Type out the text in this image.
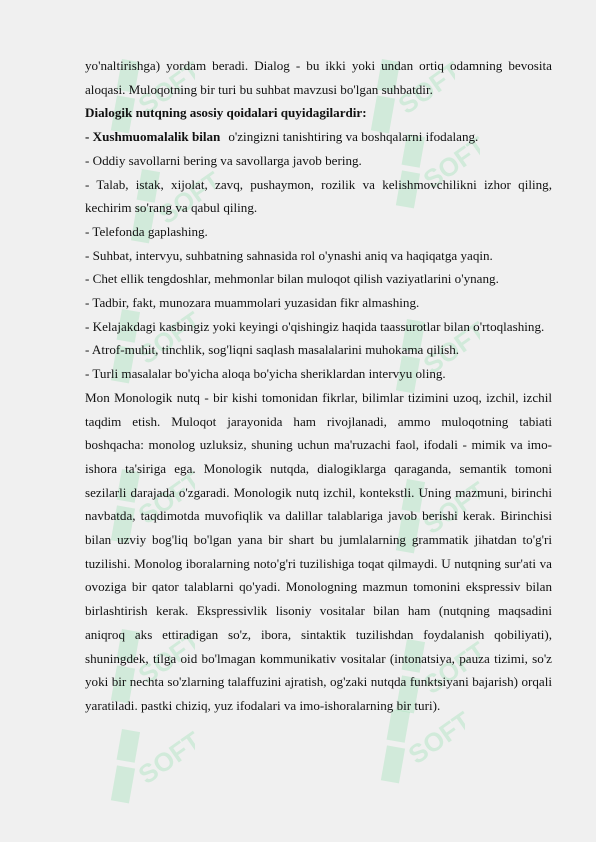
SOFT	SOFT
SOFT
SOFT
SOFT	SOFT
SOFT	SOFT
SOFT	SOFT
SOFT	SOFT

yo'naltirishga) yordam beradi. Dialog - bu ikki yoki undan ortiq odamning bevosita aloqasi. Muloqotning bir turi bu suhbat mavzusi bo'lgan suhbatdir.

Dialogik nutqning asosiy qoidalari quyidagilardir:

- Xushmuomalalik bilan o'zingizni tanishtiring va boshqalarni ifodalang.

- Oddiy savollarni bering va savollarga javob bering.

- Talab, istak, xijolat, zavq, pushaymon, rozilik va kelishmovchilikni izhor qiling, kechirim so'rang va qabul qiling.

- Telefonda gaplashing.

- Suhbat, intervyu, suhbatning sahnasida rol o'ynashi aniq va haqiqatga yaqin.

- Chet ellik tengdoshlar, mehmonlar bilan muloqot qilish vaziyatlarini o'ynang.

- Tadbir, fakt, munozara muammolari yuzasidan fikr almashing.

- Kelajakdagi kasbingiz yoki keyingi o'qishingiz haqida taassurotlar bilan o'rtoqlashing.

- Atrof-muhit, tinchlik, sog'liqni saqlash masalalarini muhokama qilish.

- Turli masalalar bo'yicha aloqa bo'yicha sheriklardan intervyu oling.

Mon Monologik nutq - bir kishi tomonidan fikrlar, bilimlar tizimini uzoq, izchil, izchil taqdim etish. Muloqot jarayonida ham rivojlanadi, ammo muloqotning tabiati boshqacha: monolog uzluksiz, shuning uchun ma'ruzachi faol, ifodali - mimik va imo-ishora ta'siriga ega. Monologik nutqda, dialogiklarga qaraganda, semantik tomoni sezilarli darajada o'zgaradi. Monologik nutq izchil, kontekstli. Uning mazmuni, birinchi navbatda, taqdimotda muvofiqlik va dalillar talablariga javob berishi kerak. Birinchisi bilan uzviy bog'liq bo'lgan yana bir shart bu jumlalarning grammatik jihatdan to'g'ri tuzilishi. Monolog iboralarning noto'g'ri tuzilishiga toqat qilmaydi. U nutqning sur'ati va ovoziga bir qator talablarni qo'yadi. Monologning mazmun tomonini ekspressiv bilan birlashtirish kerak. Ekspressivlik lisoniy vositalar bilan ham (nutqning maqsadini aniqroq aks ettiradigan so'z, ibora, sintaktik tuzilishdan foydalanish qobiliyati), shuningdek, tilga oid bo'lmagan kommunikativ vositalar (intonatsiya, pauza tizimi, so'z yoki bir nechta so'zlarning talaffuzini ajratish, og'zaki nutqda funktsiyani bajarish) orqali yaratiladi. pastki chiziq, yuz ifodalari va imo-ishoralarning bir turi).
